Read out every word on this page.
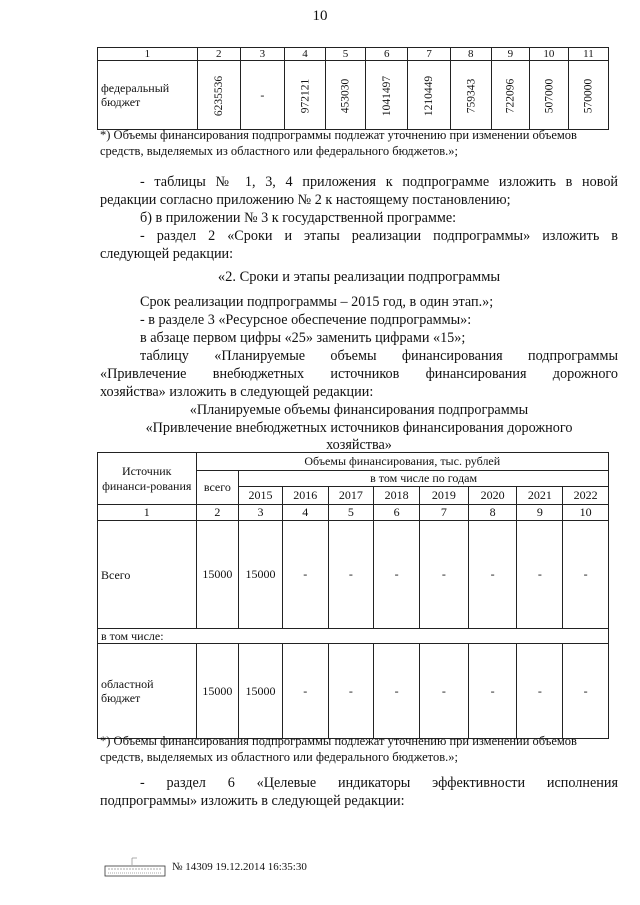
10
1	2	3	4	5	6	7	8	9	10	11
федеральный бюджет	6235536	-	972121	453030	1041497	1210449	759343	722096	507000	570000
*) Объемы финансирования подпрограммы подлежат уточнению при изменении объемов средств, выделяемых из областного или федерального бюджетов.»;
- таблицы № 1, 3, 4 приложения к подпрограмме изложить в новой
редакции согласно приложению № 2 к настоящему постановлению;
б) в приложении № 3 к государственной программе:
- раздел 2 «Сроки и этапы реализации подпрограммы» изложить в
следующей редакции:
«2. Сроки и этапы реализации подпрограммы
Срок реализации подпрограммы – 2015 год, в один этап.»;
- в разделе 3 «Ресурсное обеспечение подпрограммы»:
в абзаце первом цифры «25» заменить цифрами «15»;
таблицу «Планируемые объемы финансирования подпрограммы
«Привлечение внебюджетных источников финансирования дорожного
хозяйства» изложить в следующей редакции:
«Планируемые объемы финансирования подпрограммы
«Привлечение внебюджетных источников финансирования дорожного
хозяйства»
Источник финанси-рования	Объемы финансирования, тыс. рублей								
	всего	в том числе по годам							
		2015	2016	2017	2018	2019	2020	2021	2022
1	2	3	4	5	6	7	8	9	10
Всего	15000	15000	-	-	-	-	-	-	-
в том числе:									
областной бюджет	15000	15000	-	-	-	-	-	-	-
*) Объемы финансирования подпрограммы подлежат уточнению при изменении объемов средств, выделяемых из областного или федерального бюджетов.»;
- раздел 6 «Целевые индикаторы эффективности исполнения
подпрограммы» изложить в следующей редакции:
№ 14309 19.12.2014 16:35:30
